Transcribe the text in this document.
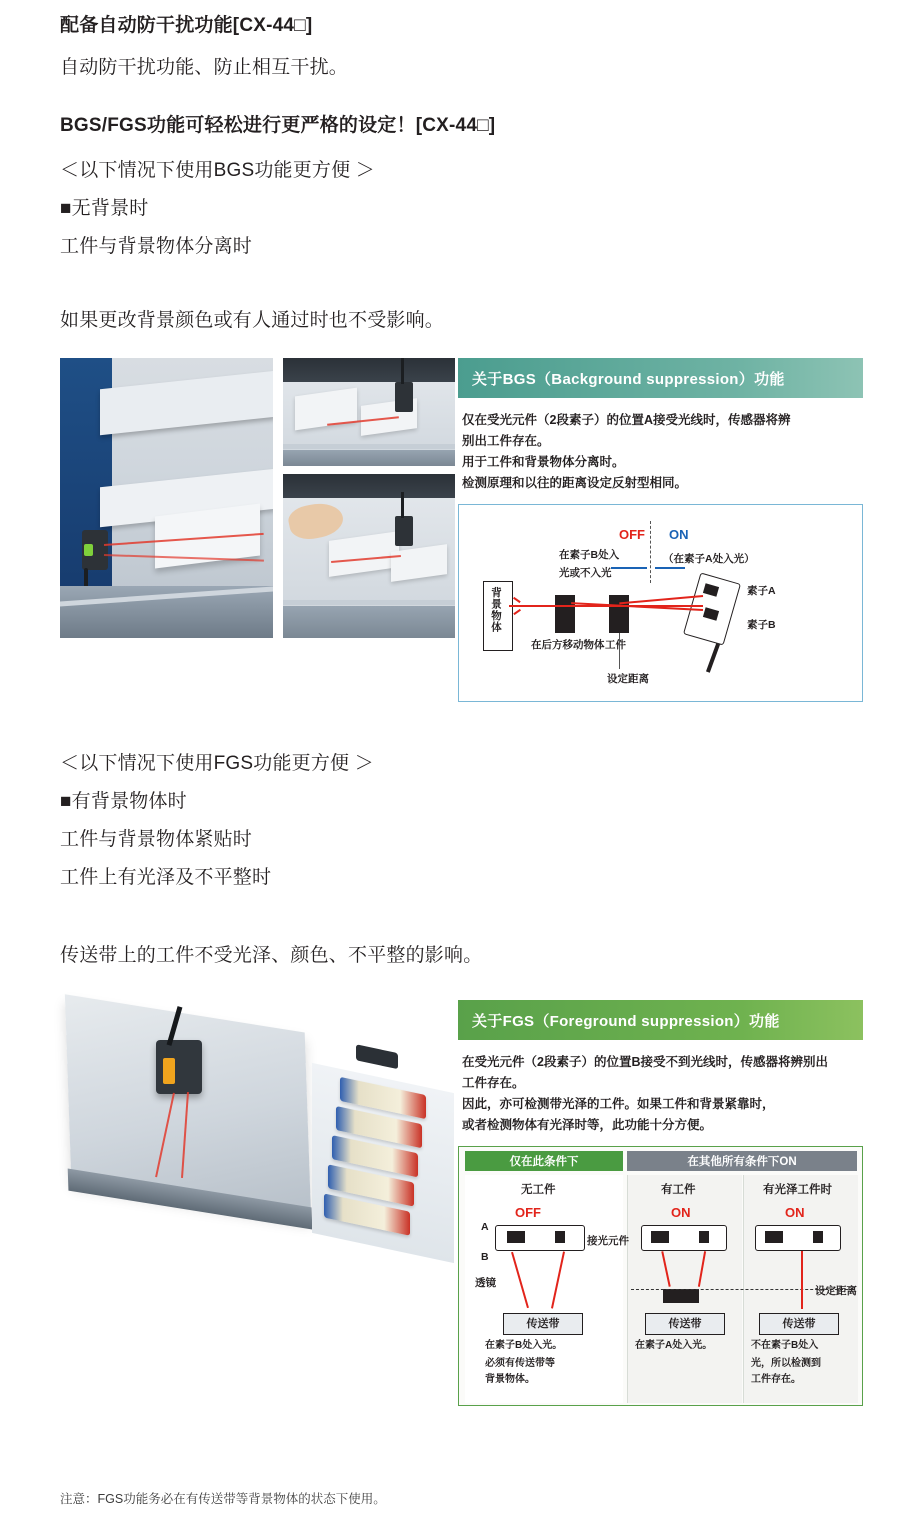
配备自动防干扰功能[CX-44□]
自动防干扰功能、防止相互干扰。
BGS/FGS功能可轻松进行更严格的设定！[CX-44□]
＜以下情况下使用BGS功能更方便 ＞
■无背景时
工件与背景物体分离时
如果更改背景颜色或有人通过时也不受影响。
关于BGS（Background suppression）功能
仅在受光元件（2段素子）的位置A接受光线时，传感器将辨
别出工件存在。
用于工件和背景物体分离时。
检测原理和以往的距离设定反射型相同。
OFF ON
在素子B处入
光或不入光
（在素子A处入光）
背景物体
在后方移动物体 工件
素子A
素子B
设定距离
＜以下情况下使用FGS功能更方便 ＞
■有背景物体时
工件与背景物体紧贴时
工件上有光泽及不平整时
传送带上的工件不受光泽、颜色、不平整的影响。
关于FGS（Foreground suppression）功能
在受光元件（2段素子）的位置B接受不到光线时，传感器将辨别出
工件存在。
因此，亦可检测带光泽的工件。如果工件和背景紧靠时，
或者检测物体有光泽时等，此功能十分方便。
仅在此条件下	在其他所有条件下ON
无工件	有工件	有光泽工件时
OFF	ON	ON
A
B
接光元件
透镜
传送带
在素子B处入光。
必须有传送带等
背景物体。
传送带
在素子A处入光。
设定距离
传送带
不在素子B处入
光，所以检测到
工件存在。
注意：FGS功能务必在有传送带等背景物体的状态下使用。
